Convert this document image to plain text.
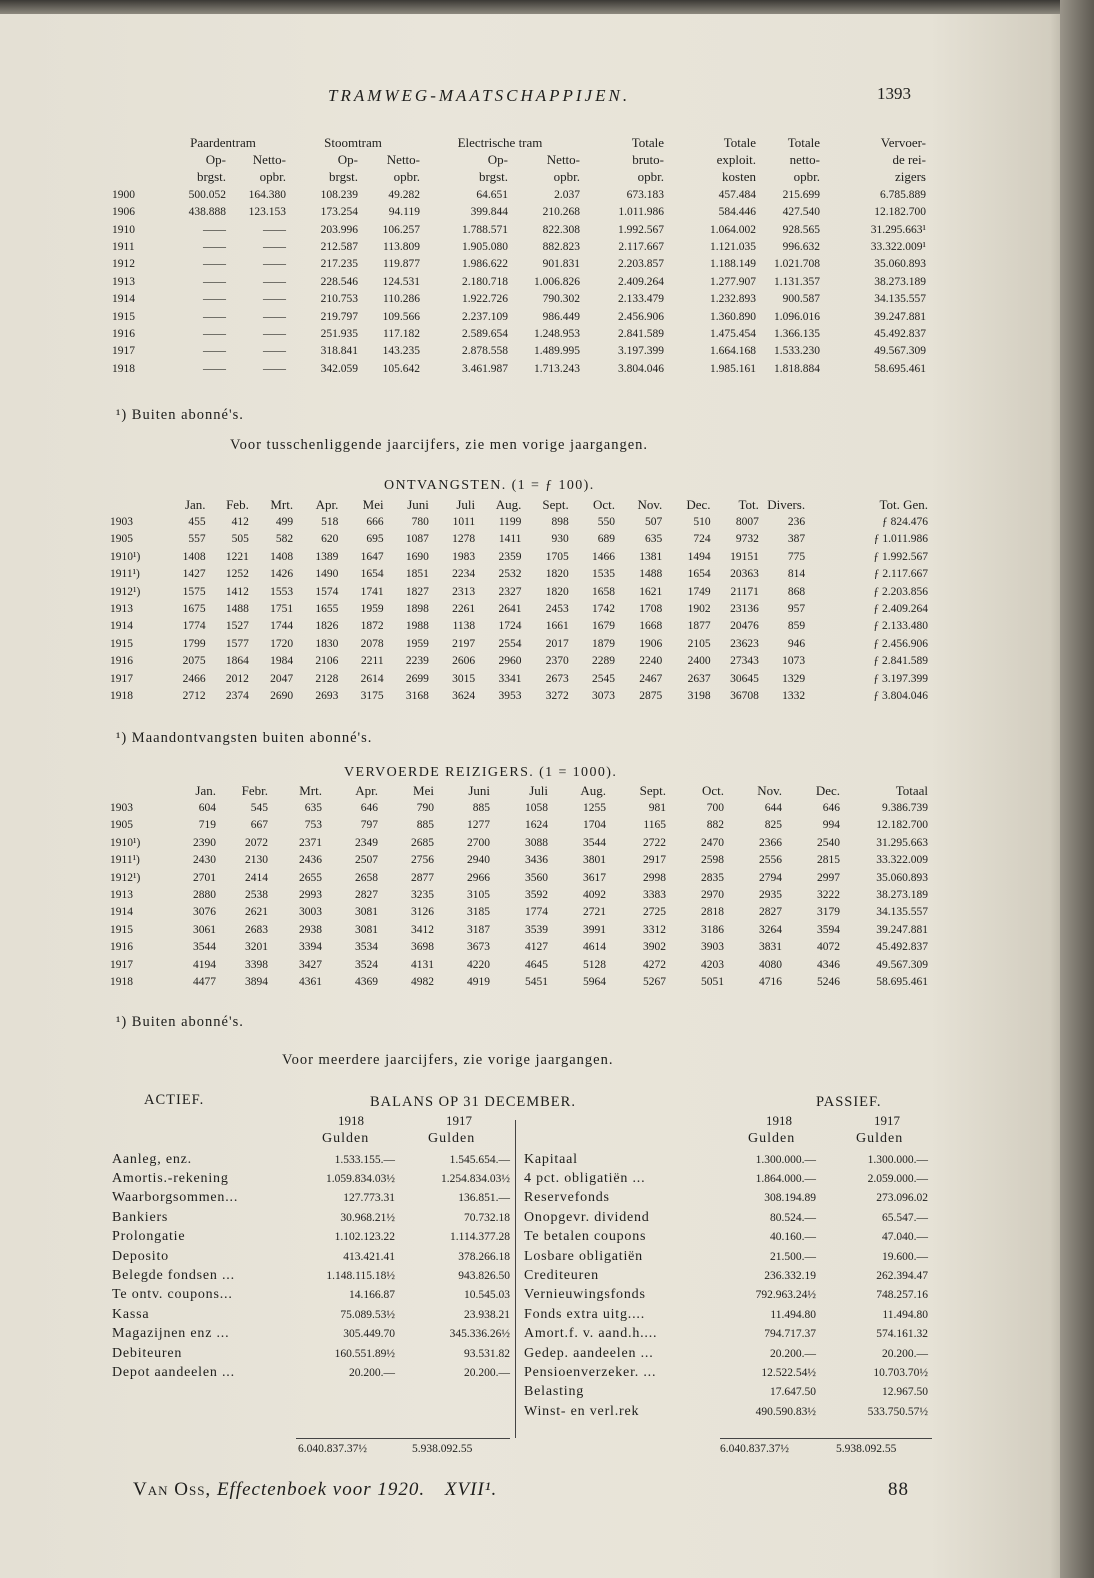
TRAMWEG-MAATSCHAPPIJEN.	1393
	Paardentram		Stoomtram		Electrische tram		Totale	Totale	Totale	Vervoer-
	Op-	Netto-	Op-	Netto-	Op-	Netto-	bruto-	exploit.	netto-	de rei-
	brgst.	opbr.	brgst.	opbr.	brgst.	opbr.	opbr.	kosten	opbr.	zigers
1900	500.052	164.380	108.239	49.282	64.651	2.037	673.183	457.484	215.699	6.785.889
1906	438.888	123.153	173.254	94.119	399.844	210.268	1.011.986	584.446	427.540	12.182.700
1910	——	——	203.996	106.257	1.788.571	822.308	1.992.567	1.064.002	928.565	31.295.663¹
1911	——	——	212.587	113.809	1.905.080	882.823	2.117.667	1.121.035	996.632	33.322.009¹
1912	——	——	217.235	119.877	1.986.622	901.831	2.203.857	1.188.149	1.021.708	35.060.893
1913	——	——	228.546	124.531	2.180.718	1.006.826	2.409.264	1.277.907	1.131.357	38.273.189
1914	——	——	210.753	110.286	1.922.726	790.302	2.133.479	1.232.893	900.587	34.135.557
1915	——	——	219.797	109.566	2.237.109	986.449	2.456.906	1.360.890	1.096.016	39.247.881
1916	——	——	251.935	117.182	2.589.654	1.248.953	2.841.589	1.475.454	1.366.135	45.492.837
1917	——	——	318.841	143.235	2.878.558	1.489.995	3.197.399	1.664.168	1.533.230	49.567.309
1918	——	——	342.059	105.642	3.461.987	1.713.243	3.804.046	1.985.161	1.818.884	58.695.461
¹) Buiten abonné's.
Voor tusschenliggende jaarcijfers, zie men vorige jaargangen.
ONTVANGSTEN. (1 = ƒ 100).
	Jan.	Feb.	Mrt.	Apr.	Mei	Juni	Juli	Aug.	Sept.	Oct.	Nov.	Dec.	Tot.	Divers.	Tot. Gen.
1903	455	412	499	518	666	780	1011	1199	898	550	507	510	8007	236	ƒ 824.476
1905	557	505	582	620	695	1087	1278	1411	930	689	635	724	9732	387	ƒ 1.011.986
1910¹)	1408	1221	1408	1389	1647	1690	1983	2359	1705	1466	1381	1494	19151	775	ƒ 1.992.567
1911¹)	1427	1252	1426	1490	1654	1851	2234	2532	1820	1535	1488	1654	20363	814	ƒ 2.117.667
1912¹)	1575	1412	1553	1574	1741	1827	2313	2327	1820	1658	1621	1749	21171	868	ƒ 2.203.856
1913	1675	1488	1751	1655	1959	1898	2261	2641	2453	1742	1708	1902	23136	957	ƒ 2.409.264
1914	1774	1527	1744	1826	1872	1988	1138	1724	1661	1679	1668	1877	20476	859	ƒ 2.133.480
1915	1799	1577	1720	1830	2078	1959	2197	2554	2017	1879	1906	2105	23623	946	ƒ 2.456.906
1916	2075	1864	1984	2106	2211	2239	2606	2960	2370	2289	2240	2400	27343	1073	ƒ 2.841.589
1917	2466	2012	2047	2128	2614	2699	3015	3341	2673	2545	2467	2637	30645	1329	ƒ 3.197.399
1918	2712	2374	2690	2693	3175	3168	3624	3953	3272	3073	2875	3198	36708	1332	ƒ 3.804.046
¹) Maandontvangsten buiten abonné's.
VERVOERDE REIZIGERS. (1 = 1000).
	Jan.	Febr.	Mrt.	Apr.	Mei	Juni	Juli	Aug.	Sept.	Oct.	Nov.	Dec.	Totaal
1903	604	545	635	646	790	885	1058	1255	981	700	644	646	9.386.739
1905	719	667	753	797	885	1277	1624	1704	1165	882	825	994	12.182.700
1910¹)	2390	2072	2371	2349	2685	2700	3088	3544	2722	2470	2366	2540	31.295.663
1911¹)	2430	2130	2436	2507	2756	2940	3436	3801	2917	2598	2556	2815	33.322.009
1912¹)	2701	2414	2655	2658	2877	2966	3560	3617	2998	2835	2794	2997	35.060.893
1913	2880	2538	2993	2827	3235	3105	3592	4092	3383	2970	2935	3222	38.273.189
1914	3076	2621	3003	3081	3126	3185	1774	2721	2725	2818	2827	3179	34.135.557
1915	3061	2683	2938	3081	3412	3187	3539	3991	3312	3186	3264	3594	39.247.881
1916	3544	3201	3394	3534	3698	3673	4127	4614	3902	3903	3831	4072	45.492.837
1917	4194	3398	3427	3524	4131	4220	4645	5128	4272	4203	4080	4346	49.567.309
1918	4477	3894	4361	4369	4982	4919	5451	5964	5267	5051	4716	5246	58.695.461
¹) Buiten abonné's.
Voor meerdere jaarcijfers, zie vorige jaargangen.
ACTIEF.	BALANS OP 31 DECEMBER.	PASSIEF.
1918	1917
Gulden	Gulden
1918	1917
Gulden	Gulden
Aanleg, enz.	1.533.155.—	1.545.654.—
Amortis.-rekening	1.059.834.03½	1.254.834.03½
Waarborgsommen...	127.773.31	136.851.—
Bankiers	30.968.21½	70.732.18
Prolongatie	1.102.123.22	1.114.377.28
Deposito	413.421.41	378.266.18
Belegde fondsen ...	1.148.115.18½	943.826.50
Te ontv. coupons...	14.166.87	10.545.03
Kassa	75.089.53½	23.938.21
Magazijnen enz ...	305.449.70	345.336.26½
Debiteuren	160.551.89½	93.531.82
Depot aandeelen ...	20.200.—	20.200.—
Kapitaal	1.300.000.—	1.300.000.—
4 pct. obligatiën ...	1.864.000.—	2.059.000.—
Reservefonds	308.194.89	273.096.02
Onopgevr. dividend	80.524.—	65.547.—
Te betalen coupons	40.160.—	47.040.—
Losbare obligatiën	21.500.—	19.600.—
Crediteuren	236.332.19	262.394.47
Vernieuwingsfonds	792.963.24½	748.257.16
Fonds extra uitg....	11.494.80	11.494.80
Amort.f. v. aand.h....	794.717.37	574.161.32
Gedep. aandeelen ...	20.200.—	20.200.—
Pensioenverzeker. ...	12.522.54½	10.703.70½
Belasting	17.647.50	12.967.50
Winst- en verl.rek	490.590.83½	533.750.57½
6.040.837.37½	5.938.092.55	6.040.837.37½	5.938.092.55
Van Oss, Effectenboek voor 1920. XVII¹.	88
